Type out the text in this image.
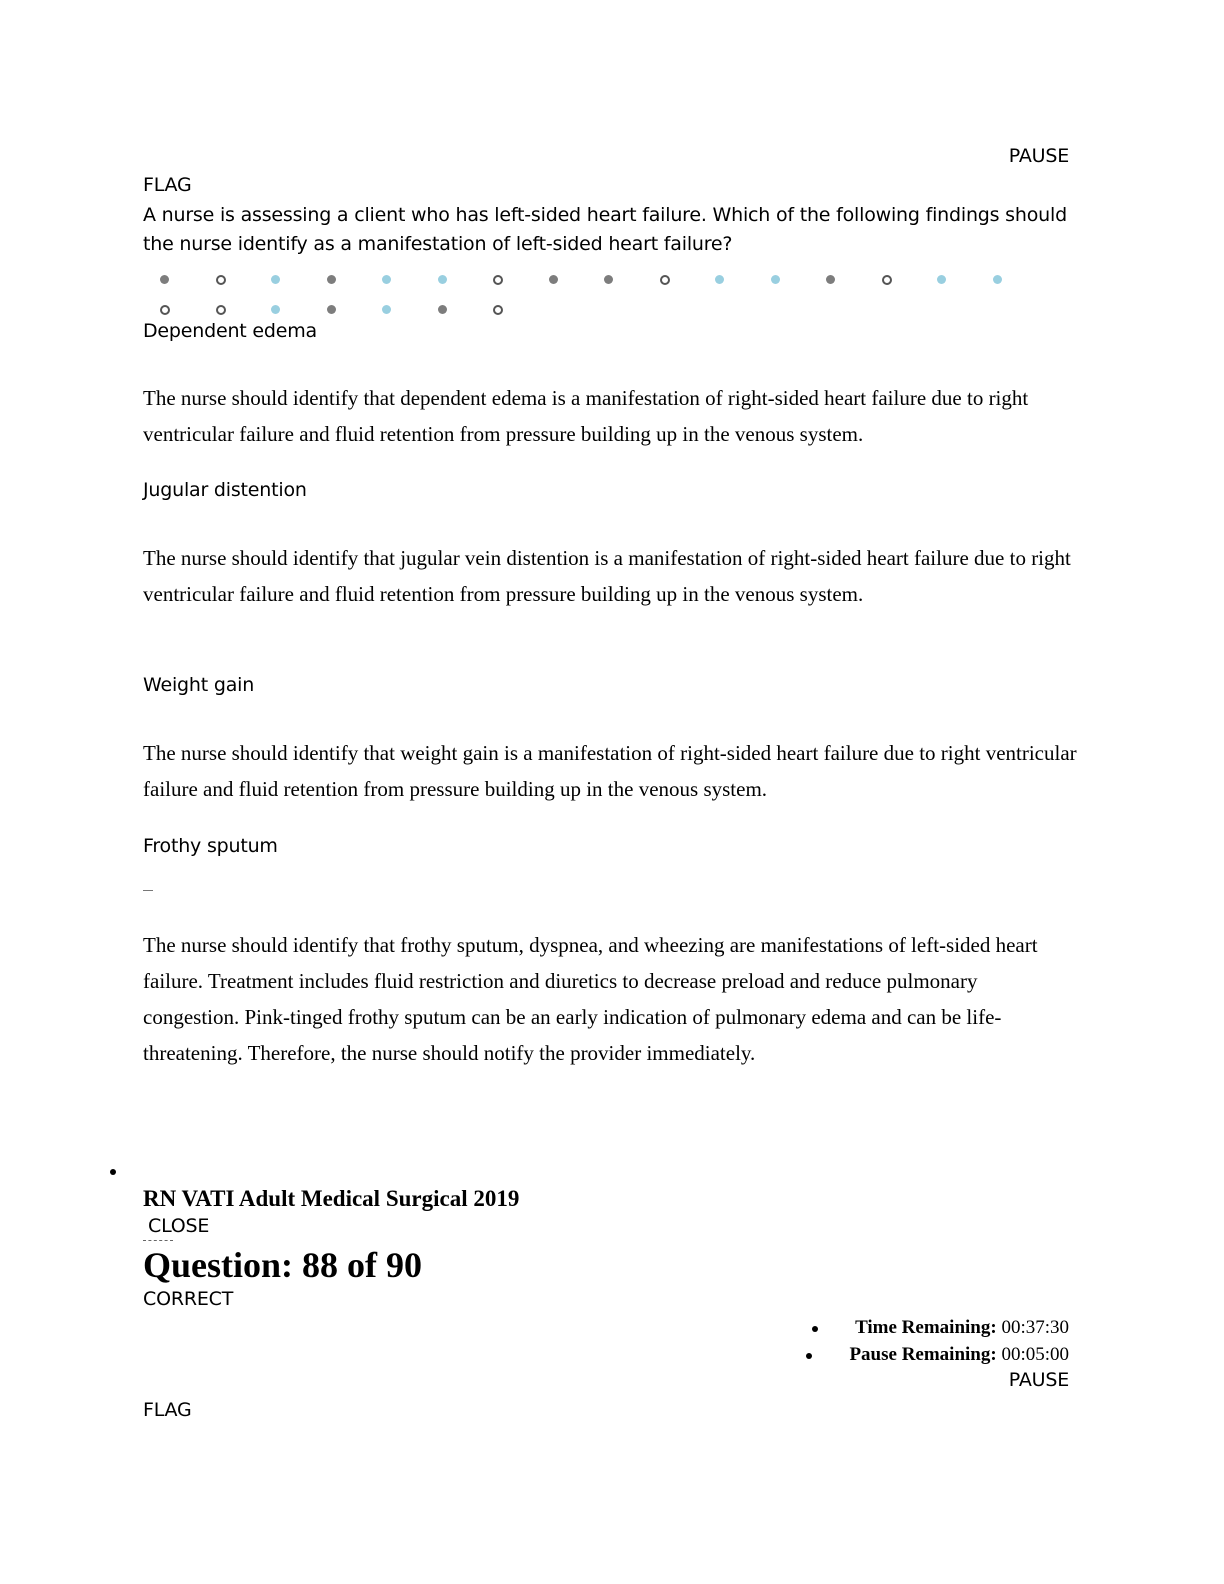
PAUSE
FLAG
A nurse is assessing a client who has left-sided heart failure. Which of the following findings should the nurse identify as a manifestation of left-sided heart failure?
Dependent edema
The nurse should identify that dependent edema is a manifestation of right-sided heart failure due to right ventricular failure and fluid retention from pressure building up in the venous system.
Jugular distention
The nurse should identify that jugular vein distention is a manifestation of right-sided heart failure due to right ventricular failure and fluid retention from pressure building up in the venous system.
Weight gain
The nurse should identify that weight gain is a manifestation of right-sided heart failure due to right ventricular failure and fluid retention from pressure building up in the venous system.
Frothy sputum
The nurse should identify that frothy sputum, dyspnea, and wheezing are manifestations of left-sided heart failure. Treatment includes fluid restriction and diuretics to decrease preload and reduce pulmonary congestion. Pink-tinged frothy sputum can be an early indication of pulmonary edema and can be life-threatening. Therefore, the nurse should notify the provider immediately.
RN VATI Adult Medical Surgical 2019
CLOSE
Question: 88 of 90
CORRECT
Time Remaining: 00:37:30
Pause Remaining: 00:05:00
PAUSE
FLAG
